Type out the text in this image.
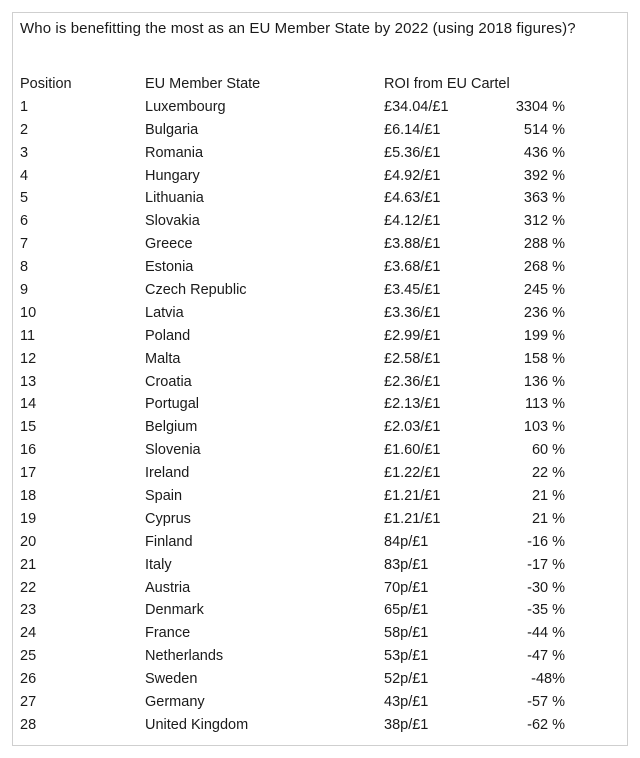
Who is benefitting the most as an EU Member State by 2022 (using 2018 figures)?
Position	EU Member State	ROI from EU Cartel
1	Luxembourg	£34.04/£1	3304 %
2	Bulgaria	£6.14/£1	514 %
3	Romania	£5.36/£1	436 %
4	Hungary	£4.92/£1	392 %
5	Lithuania	£4.63/£1	363 %
6	Slovakia	£4.12/£1	312 %
7	Greece	£3.88/£1	288 %
8	Estonia	£3.68/£1	268 %
9	Czech Republic	£3.45/£1	245 %
10	Latvia	£3.36/£1	236 %
11	Poland	£2.99/£1	199 %
12	Malta	£2.58/£1	158 %
13	Croatia	£2.36/£1	136 %
14	Portugal	£2.13/£1	113 %
15	Belgium	£2.03/£1	103 %
16	Slovenia	£1.60/£1	60 %
17	Ireland	£1.22/£1	22 %
18	Spain	£1.21/£1	21 %
19	Cyprus	£1.21/£1	21 %
20	Finland	84p/£1	-16 %
21	Italy	83p/£1	-17 %
22	Austria	70p/£1	-30 %
23	Denmark	65p/£1	-35 %
24	France	58p/£1	-44 %
25	Netherlands	53p/£1	-47 %
26	Sweden	52p/£1	-48%
27	Germany	43p/£1	-57 %
28	United Kingdom	38p/£1	-62 %
